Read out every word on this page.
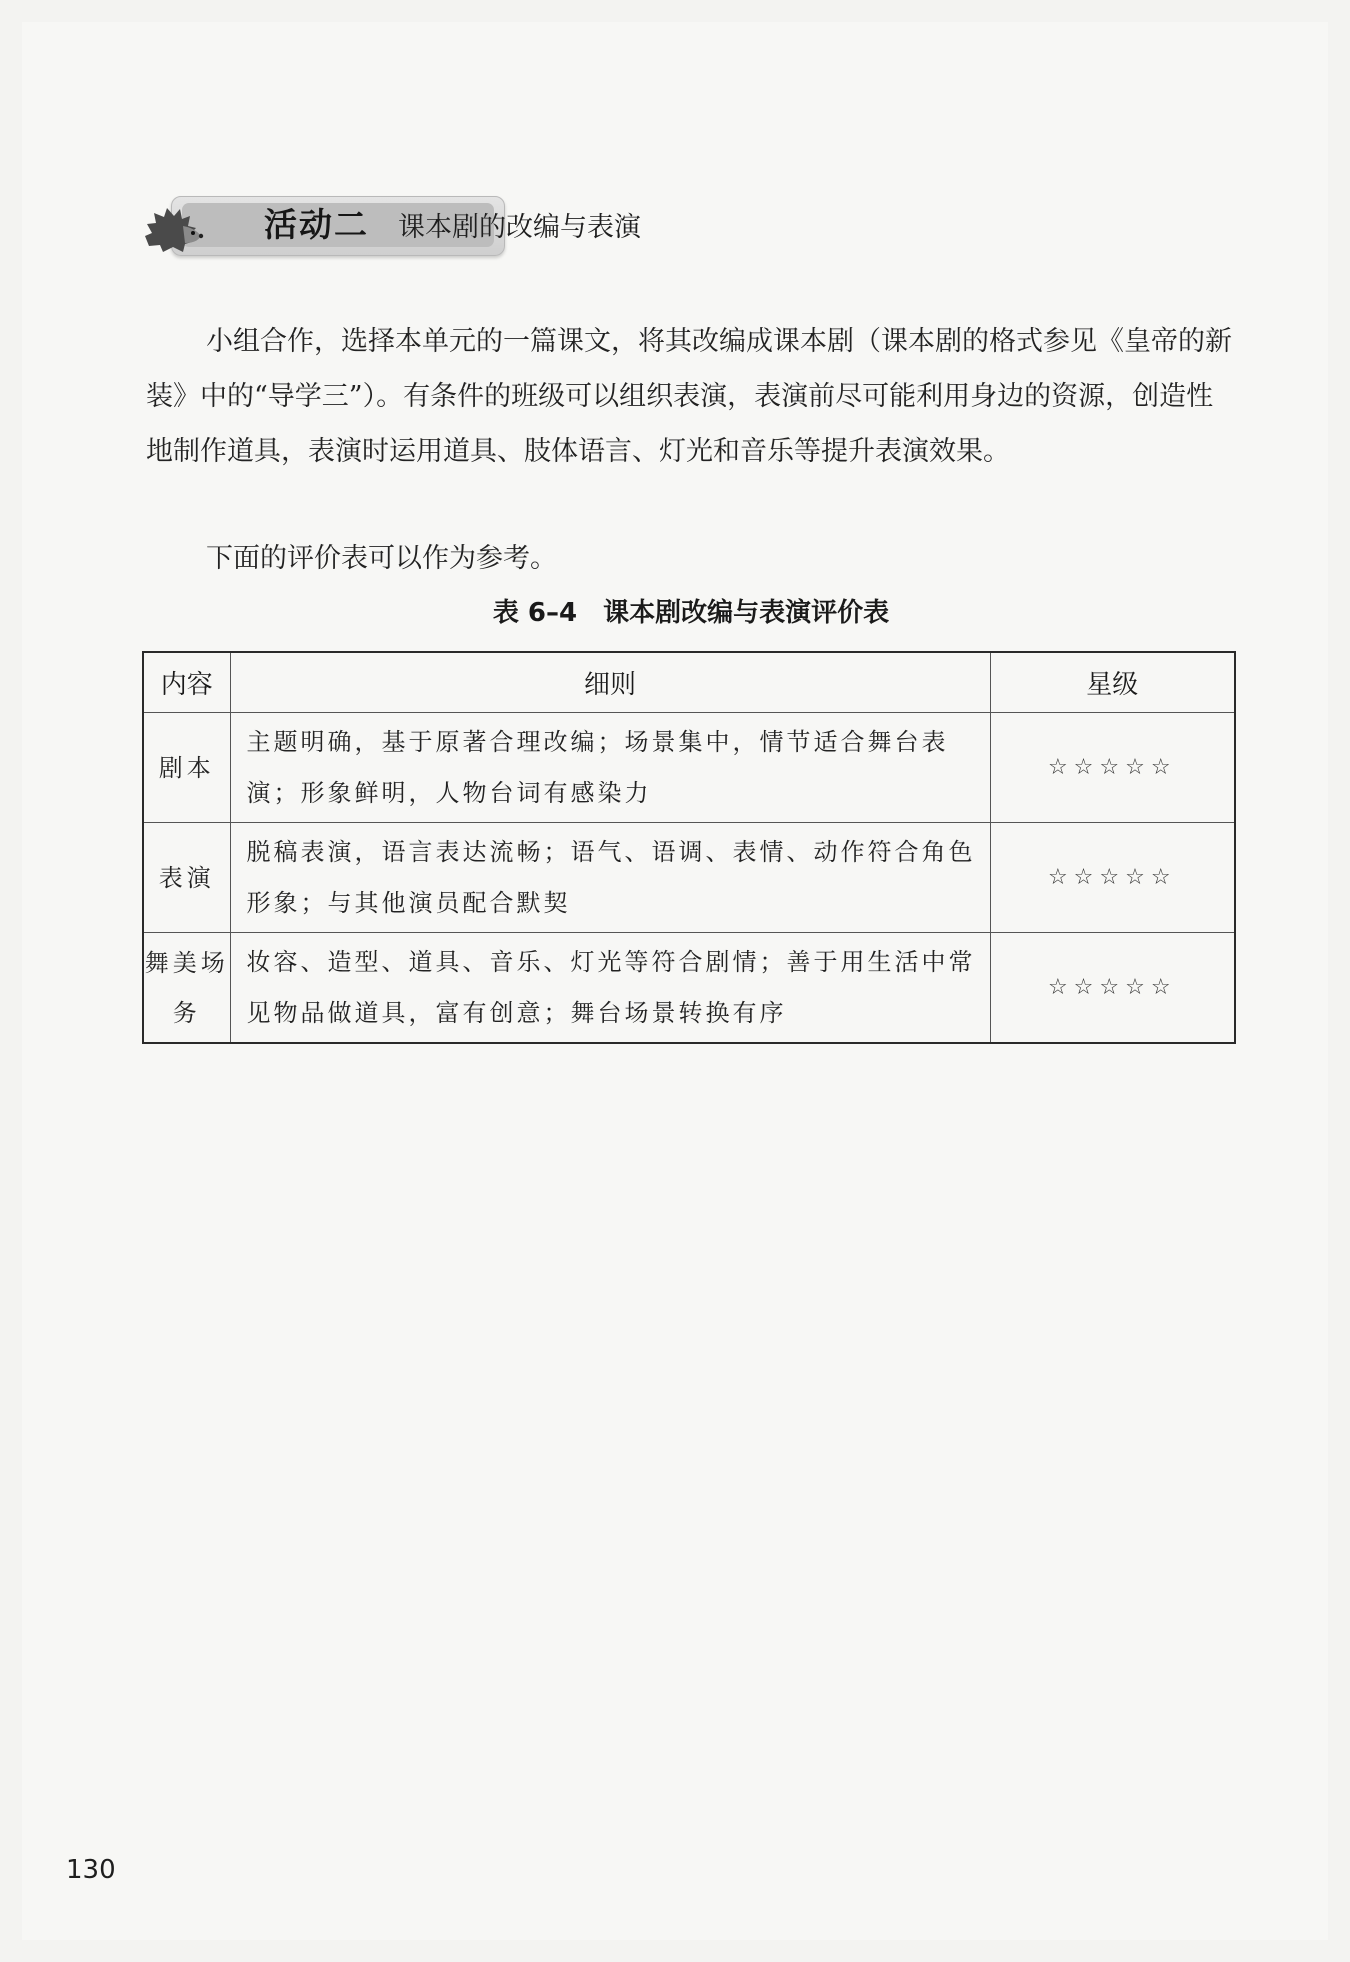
活动二 课本剧的改编与表演

小组合作，选择本单元的一篇课文，将其改编成课本剧（课本剧的格式参见《皇帝的新装》中的“导学三”）。有条件的班级可以组织表演，表演前尽可能利用身边的资源，创造性地制作道具，表演时运用道具、肢体语言、灯光和音乐等提升表演效果。

下面的评价表可以作为参考。

表 6–4 课本剧改编与表演评价表
内容	细则	星级
剧本	主题明确，基于原著合理改编；场景集中，情节适合舞台表演；形象鲜明，人物台词有感染力	☆☆☆☆☆
表演	脱稿表演，语言表达流畅；语气、语调、表情、动作符合角色形象；与其他演员配合默契	☆☆☆☆☆
舞美场务	妆容、造型、道具、音乐、灯光等符合剧情；善于用生活中常见物品做道具，富有创意；舞台场景转换有序	☆☆☆☆☆
130
